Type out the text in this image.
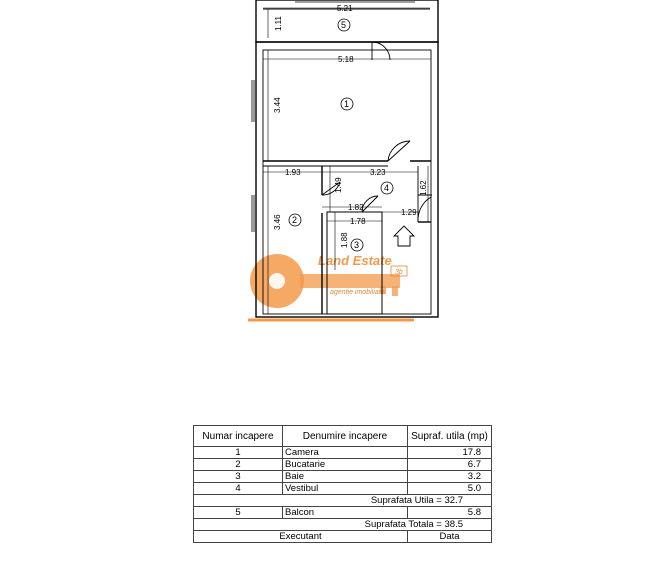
Land Estate
3b
agentie imobiliara
5.21
1.11
5.18
3.44
1.93	3.23
1.49	1.62
1.82
1.29
1.78
3.46
1.88
5
1
2
3
4
Numar incapere	Denumire incapere	Supraf. utila (mp)
1	Camera	17.8
2	Bucatarie	6.7
3	Baie	3.2
4	Vestibul	5.0
Suprafata Utila = 32.7		
5	Balcon	5.8
Suprafata Totala = 38.5		
Executant		Data
